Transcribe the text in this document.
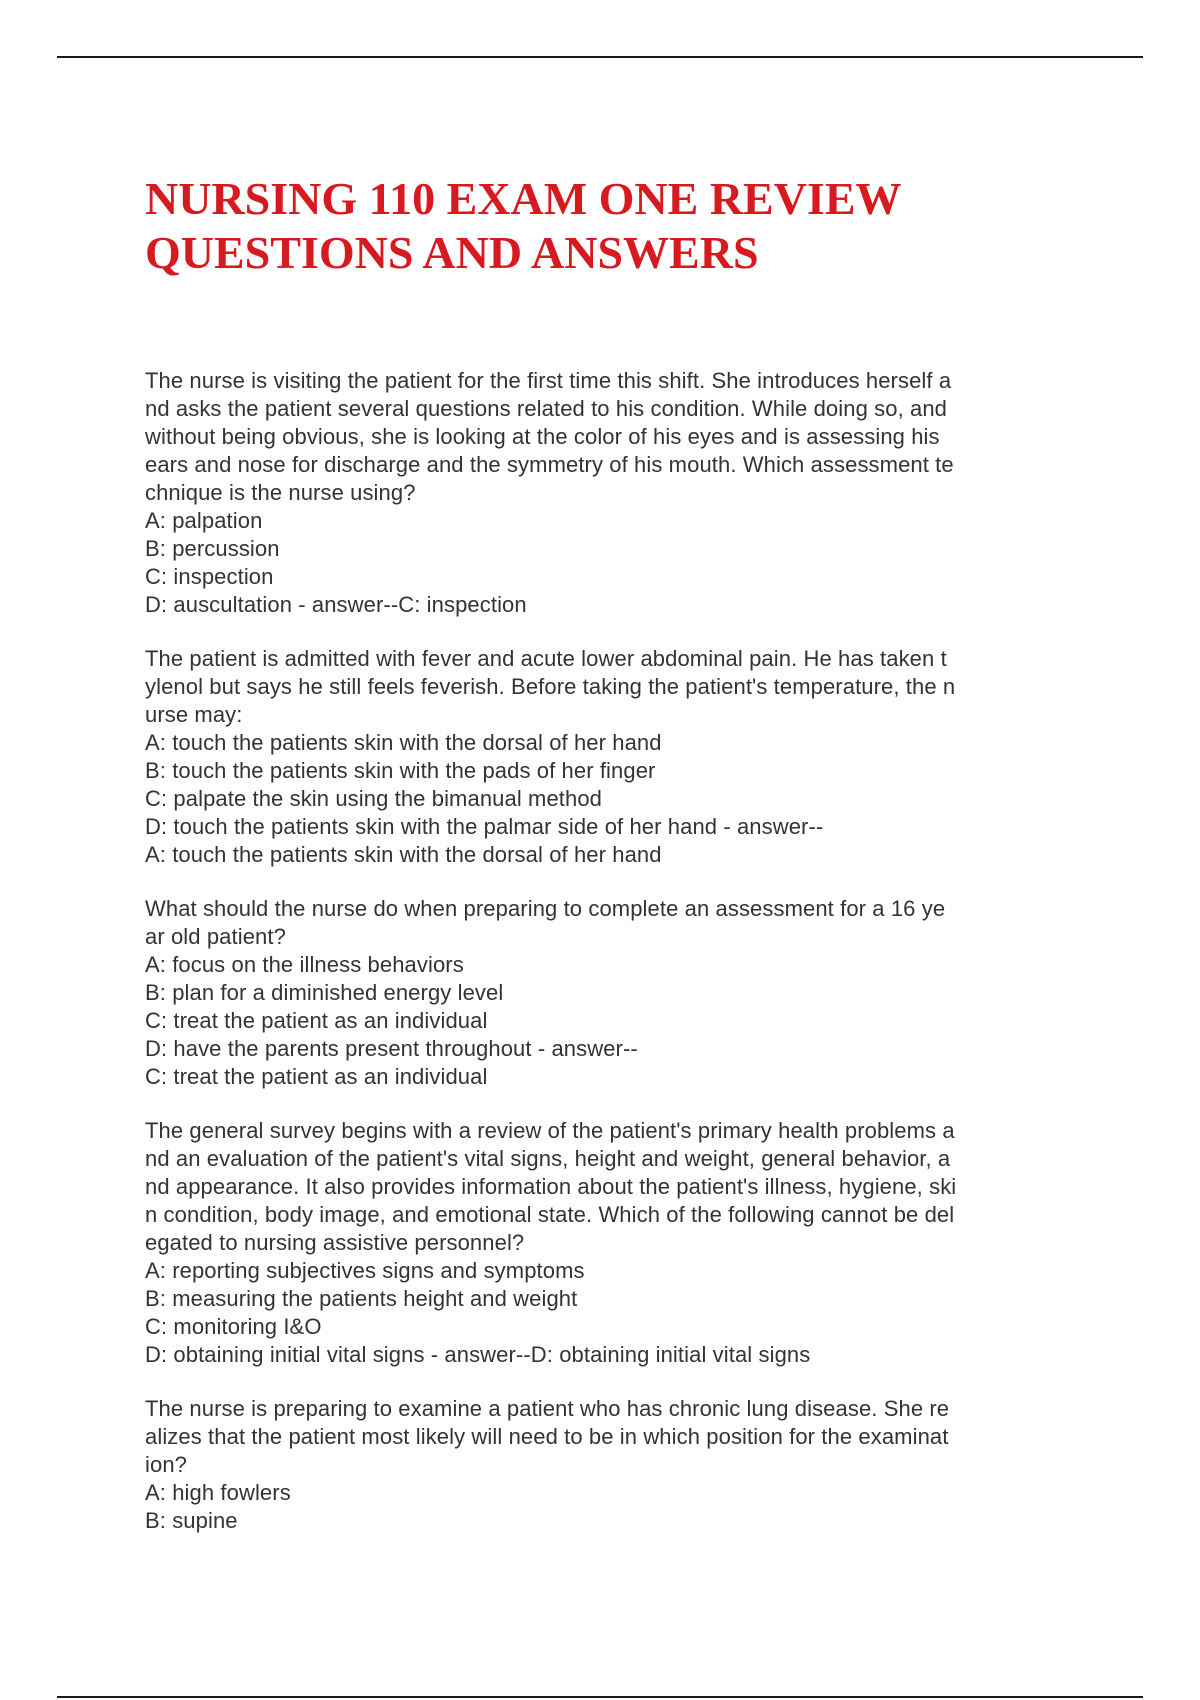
NURSING 110 EXAM ONE REVIEW
QUESTIONS AND ANSWERS
The nurse is visiting the patient for the first time this shift. She introduces herself a
nd asks the patient several questions related to his condition. While doing so, and
without being obvious, she is looking at the color of his eyes and is assessing his
ears and nose for discharge and the symmetry of his mouth. Which assessment te
chnique is the nurse using?
A: palpation
B: percussion
C: inspection
D: auscultation - answer--C: inspection
The patient is admitted with fever and acute lower abdominal pain. He has taken t
ylenol but says he still feels feverish. Before taking the patient's temperature, the n
urse may:
A: touch the patients skin with the dorsal of her hand
B: touch the patients skin with the pads of her finger
C: palpate the skin using the bimanual method
D: touch the patients skin with the palmar side of her hand - answer--
A: touch the patients skin with the dorsal of her hand
What should the nurse do when preparing to complete an assessment for a 16 ye
ar old patient?
A: focus on the illness behaviors
B: plan for a diminished energy level
C: treat the patient as an individual
D: have the parents present throughout - answer--
C: treat the patient as an individual
The general survey begins with a review of the patient's primary health problems a
nd an evaluation of the patient's vital signs, height and weight, general behavior, a
nd appearance. It also provides information about the patient's illness, hygiene, ski
n condition, body image, and emotional state. Which of the following cannot be del
egated to nursing assistive personnel?
A: reporting subjectives signs and symptoms
B: measuring the patients height and weight
C: monitoring I&O
D: obtaining initial vital signs - answer--D: obtaining initial vital signs
The nurse is preparing to examine a patient who has chronic lung disease. She re
alizes that the patient most likely will need to be in which position for the examinat
ion?
A: high fowlers
B: supine
